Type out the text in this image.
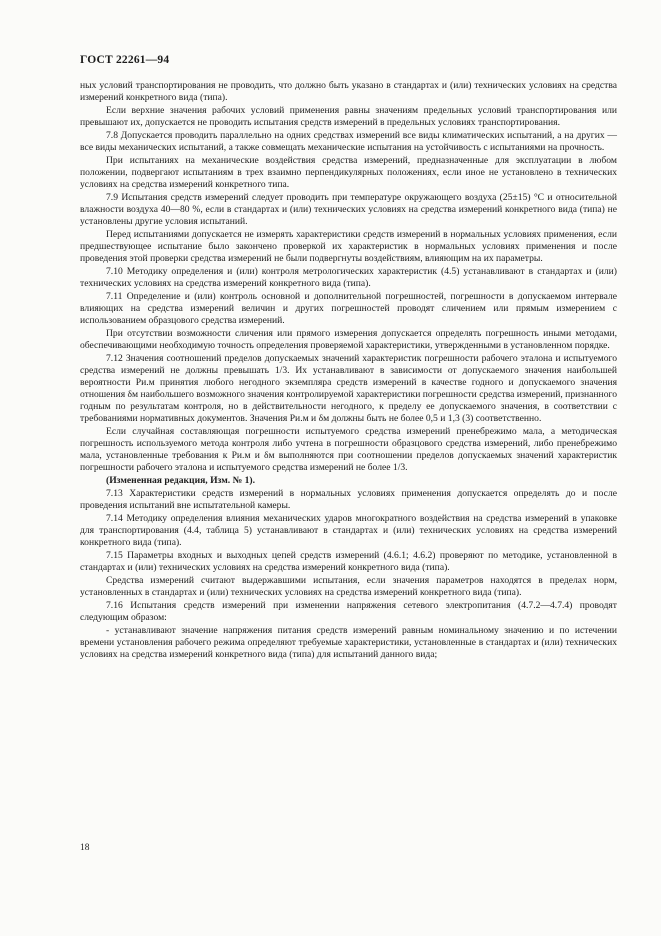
ГОСТ 22261—94

ных условий транспортирования не проводить, что должно быть указано в стандартах и (или) технических условиях на средства измерений конкретного вида (типа).

Если верхние значения рабочих условий применения равны значениям предельных условий транспортирования или превышают их, допускается не проводить испытания средств измерений в предельных условиях транспортирования.

7.8 Допускается проводить параллельно на одних средствах измерений все виды климатических испытаний, а на других — все виды механических испытаний, а также совмещать механические испытания на устойчивость с испытаниями на прочность.

При испытаниях на механические воздействия средства измерений, предназначенные для эксплуатации в любом положении, подвергают испытаниям в трех взаимно перпендикулярных положениях, если иное не установлено в технических условиях на средства измерений конкретного типа.

7.9 Испытания средств измерений следует проводить при температуре окружающего воздуха (25±15) °С и относительной влажности воздуха 40—80 %, если в стандартах и (или) технических условиях на средства измерений конкретного вида (типа) не установлены другие условия испытаний.

Перед испытаниями допускается не измерять характеристики средств измерений в нормальных условиях применения, если предшествующее испытание было закончено проверкой их характеристик в нормальных условиях применения и после проведения этой проверки средства измерений не были подвергнуты воздействиям, влияющим на их параметры.

7.10 Методику определения и (или) контроля метрологических характеристик (4.5) устанавливают в стандартах и (или) технических условиях на средства измерений конкретного вида (типа).

7.11 Определение и (или) контроль основной и дополнительной погрешностей, погрешности в допускаемом интервале влияющих на средства измерений величин и других погрешностей проводят сличением или прямым измерением с использованием образцового средства измерений.

При отсутствии возможности сличения или прямого измерения допускается определять погрешность иными методами, обеспечивающими необходимую точность определения проверяемой характеристики, утвержденными в установленном порядке.

7.12 Значения соотношений пределов допускаемых значений характеристик погрешности рабочего эталона и испытуемого средства измерений не должны превышать 1/3. Их устанавливают в зависимости от допускаемого значения наибольшей вероятности Pи.м принятия любого негодного экземпляра средств измерений в качестве годного и допускаемого значения отношения δм наибольшего возможного значения контролируемой характеристики погрешности средства измерений, признанного годным по результатам контроля, но в действительности негодного, к пределу ее допускаемого значения, в соответствии с требованиями нормативных документов. Значения Pи.м и δм должны быть не более 0,5 и 1,3 (3) соответственно.

Если случайная составляющая погрешности испытуемого средства измерений пренебрежимо мала, а методическая погрешность используемого метода контроля либо учтена в погрешности образцового средства измерений, либо пренебрежимо мала, установленные требования к Pи.м и δм выполняются при соотношении пределов допускаемых значений характеристик погрешности рабочего эталона и испытуемого средства измерений не более 1/3.

(Измененная редакция, Изм. № 1).

7.13 Характеристики средств измерений в нормальных условиях применения допускается определять до и после проведения испытаний вне испытательной камеры.

7.14 Методику определения влияния механических ударов многократного воздействия на средства измерений в упаковке для транспортирования (4.4, таблица 5) устанавливают в стандартах и (или) технических условиях на средства измерений конкретного вида (типа).

7.15 Параметры входных и выходных цепей средств измерений (4.6.1; 4.6.2) проверяют по методике, установленной в стандартах и (или) технических условиях на средства измерений конкретного вида (типа).

Средства измерений считают выдержавшими испытания, если значения параметров находятся в пределах норм, установленных в стандартах и (или) технических условиях на средства измерений конкретного вида (типа).

7.16 Испытания средств измерений при изменении напряжения сетевого электропитания (4.7.2—4.7.4) проводят следующим образом:

- устанавливают значение напряжения питания средств измерений равным номинальному значению и по истечении времени установления рабочего режима определяют требуемые характеристики, установленные в стандартах и (или) технических условиях на средства измерений конкретного вида (типа) для испытаний данного вида;

18
